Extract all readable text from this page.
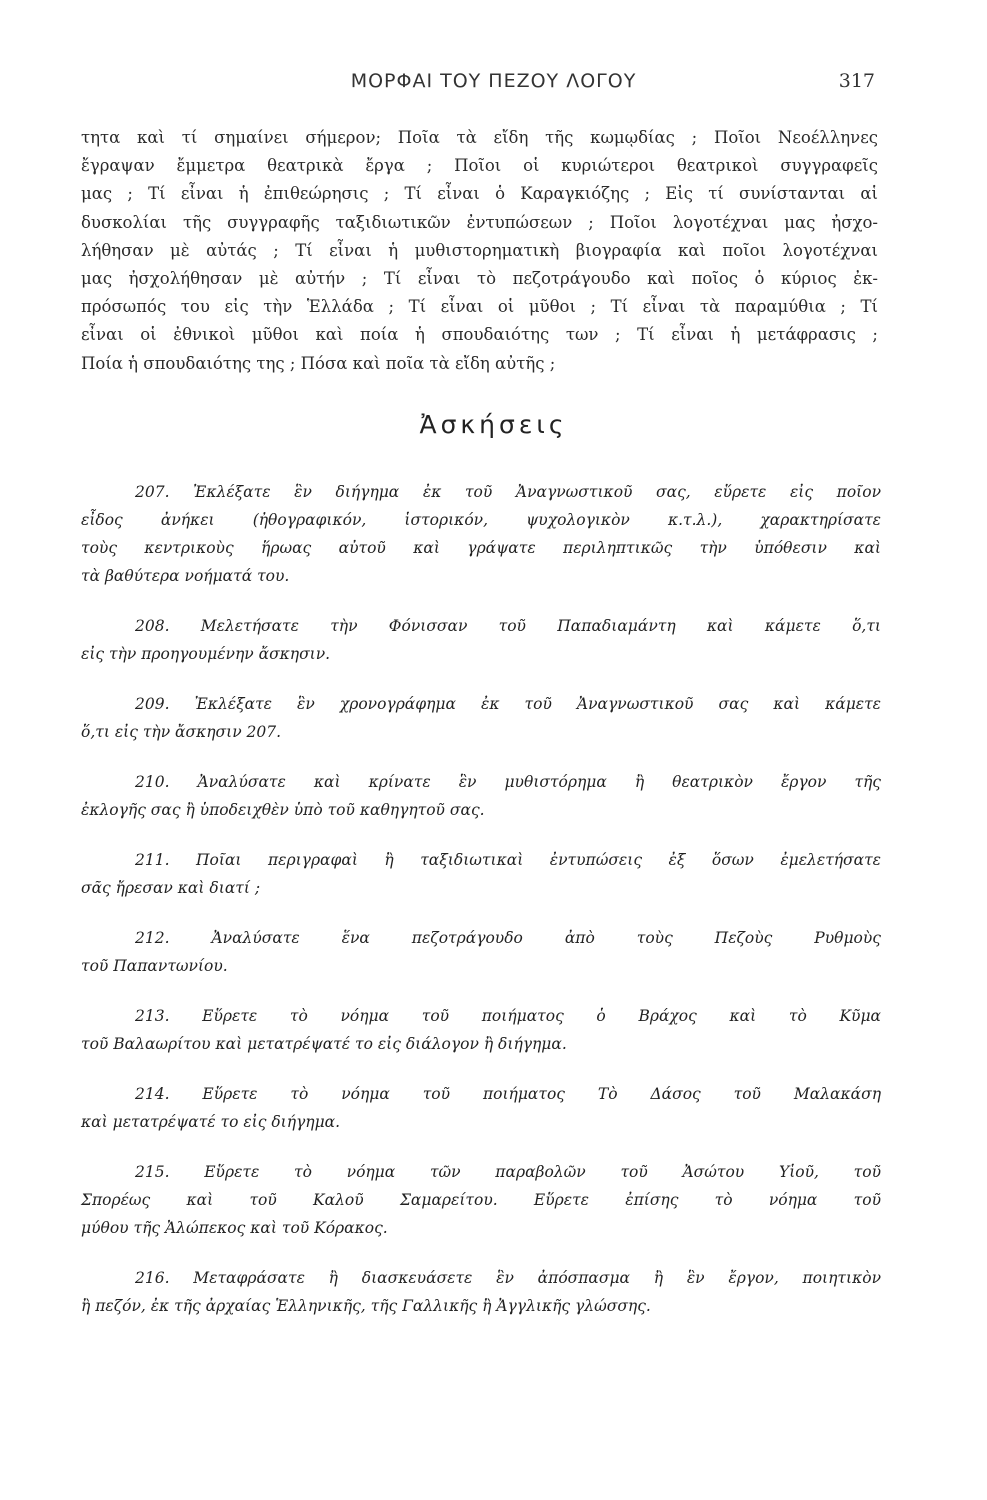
ΜΟΡΦΑΙ ΤΟΥ ΠΕΖΟΥ ΛΟΓΟΥ	317
τητα καὶ τί σημαίνει σήμερον; Ποῖα τὰ εἴδη τῆς κωμῳδίας ; Ποῖοι Νεοέλληνες
ἔγραψαν ἔμμετρα θεατρικὰ ἔργα ; Ποῖοι οἱ κυριώτεροι θεατρικοὶ συγγραφεῖς
μας ; Τί εἶναι ἡ ἐπιθεώρησις ; Τί εἶναι ὁ Καραγκιόζης ; Εἰς τί συνίστανται αἱ
δυσκολίαι τῆς συγγραφῆς ταξιδιωτικῶν ἐντυπώσεων ; Ποῖοι λογοτέχναι μας ἠσχο-
λήθησαν μὲ αὐτάς ; Τί εἶναι ἡ μυθιστορηματικὴ βιογραφία καὶ ποῖοι λογοτέχναι
μας ἠσχολήθησαν μὲ αὐτήν ; Τί εἶναι τὸ πεζοτράγουδο καὶ ποῖος ὁ κύριος ἐκ-
πρόσωπός του εἰς τὴν Ἑλλάδα ; Τί εἶναι οἱ μῦθοι ; Τί εἶναι τὰ παραμύθια ; Τί
εἶναι οἱ ἐθνικοὶ μῦθοι καὶ ποία ἡ σπουδαιότης των ; Τί εἶναι ἡ μετάφρασις ;
Ποία ἡ σπουδαιότης της ; Πόσα καὶ ποῖα τὰ εἴδη αὐτῆς ;
Ἀσκήσεις
207. Ἐκλέξατε ἓν διήγημα ἐκ τοῦ Ἀναγνωστικοῦ σας, εὕρετε εἰς ποῖον
εἶδος ἀνήκει (ἠθογραφικόν, ἱστορικόν, ψυχολογικὸν κ.τ.λ.), χαρακτηρίσατε
τοὺς κεντρικοὺς ἥρωας αὐτοῦ καὶ γράψατε περιληπτικῶς τὴν ὑπόθεσιν καὶ
τὰ βαθύτερα νοήματά του.
208. Μελετήσατε τὴν Φόνισσαν τοῦ Παπαδιαμάντη καὶ κάμετε ὅ,τι
εἰς τὴν προηγουμένην ἄσκησιν.
209. Ἐκλέξατε ἓν χρονογράφημα ἐκ τοῦ Ἀναγνωστικοῦ σας καὶ κάμετε
ὅ,τι εἰς τὴν ἄσκησιν 207.
210. Ἀναλύσατε καὶ κρίνατε ἓν μυθιστόρημα ἢ θεατρικὸν ἔργον τῆς
ἐκλογῆς σας ἢ ὑποδειχθὲν ὑπὸ τοῦ καθηγητοῦ σας.
211. Ποῖαι περιγραφαὶ ἢ ταξιδιωτικαὶ ἐντυπώσεις ἐξ ὅσων ἐμελετήσατε
σᾶς ἤρεσαν καὶ διατί ;
212. Ἀναλύσατε ἕνα πεζοτράγουδο ἀπὸ τοὺς Πεζοὺς Ρυθμοὺς
τοῦ Παπαντωνίου.
213. Εὕρετε τὸ νόημα τοῦ ποιήματος ὁ Βράχος καὶ τὸ Κῦμα
τοῦ Βαλαωρίτου καὶ μετατρέψατέ το εἰς διάλογον ἢ διήγημα.
214. Εὕρετε τὸ νόημα τοῦ ποιήματος Τὸ Δάσος τοῦ Μαλακάση
καὶ μετατρέψατέ το εἰς διήγημα.
215. Εὕρετε τὸ νόημα τῶν παραβολῶν τοῦ Ἀσώτου Υἱοῦ, τοῦ
Σπορέως καὶ τοῦ Καλοῦ Σαμαρείτου. Εὕρετε ἐπίσης τὸ νόημα τοῦ
μύθου τῆς Ἀλώπεκος καὶ τοῦ Κόρακος.
216. Μεταφράσατε ἢ διασκευάσετε ἓν ἀπόσπασμα ἢ ἓν ἔργον, ποιητικὸν
ἢ πεζόν, ἐκ τῆς ἀρχαίας Ἑλληνικῆς, τῆς Γαλλικῆς ἢ Ἀγγλικῆς γλώσσης.
